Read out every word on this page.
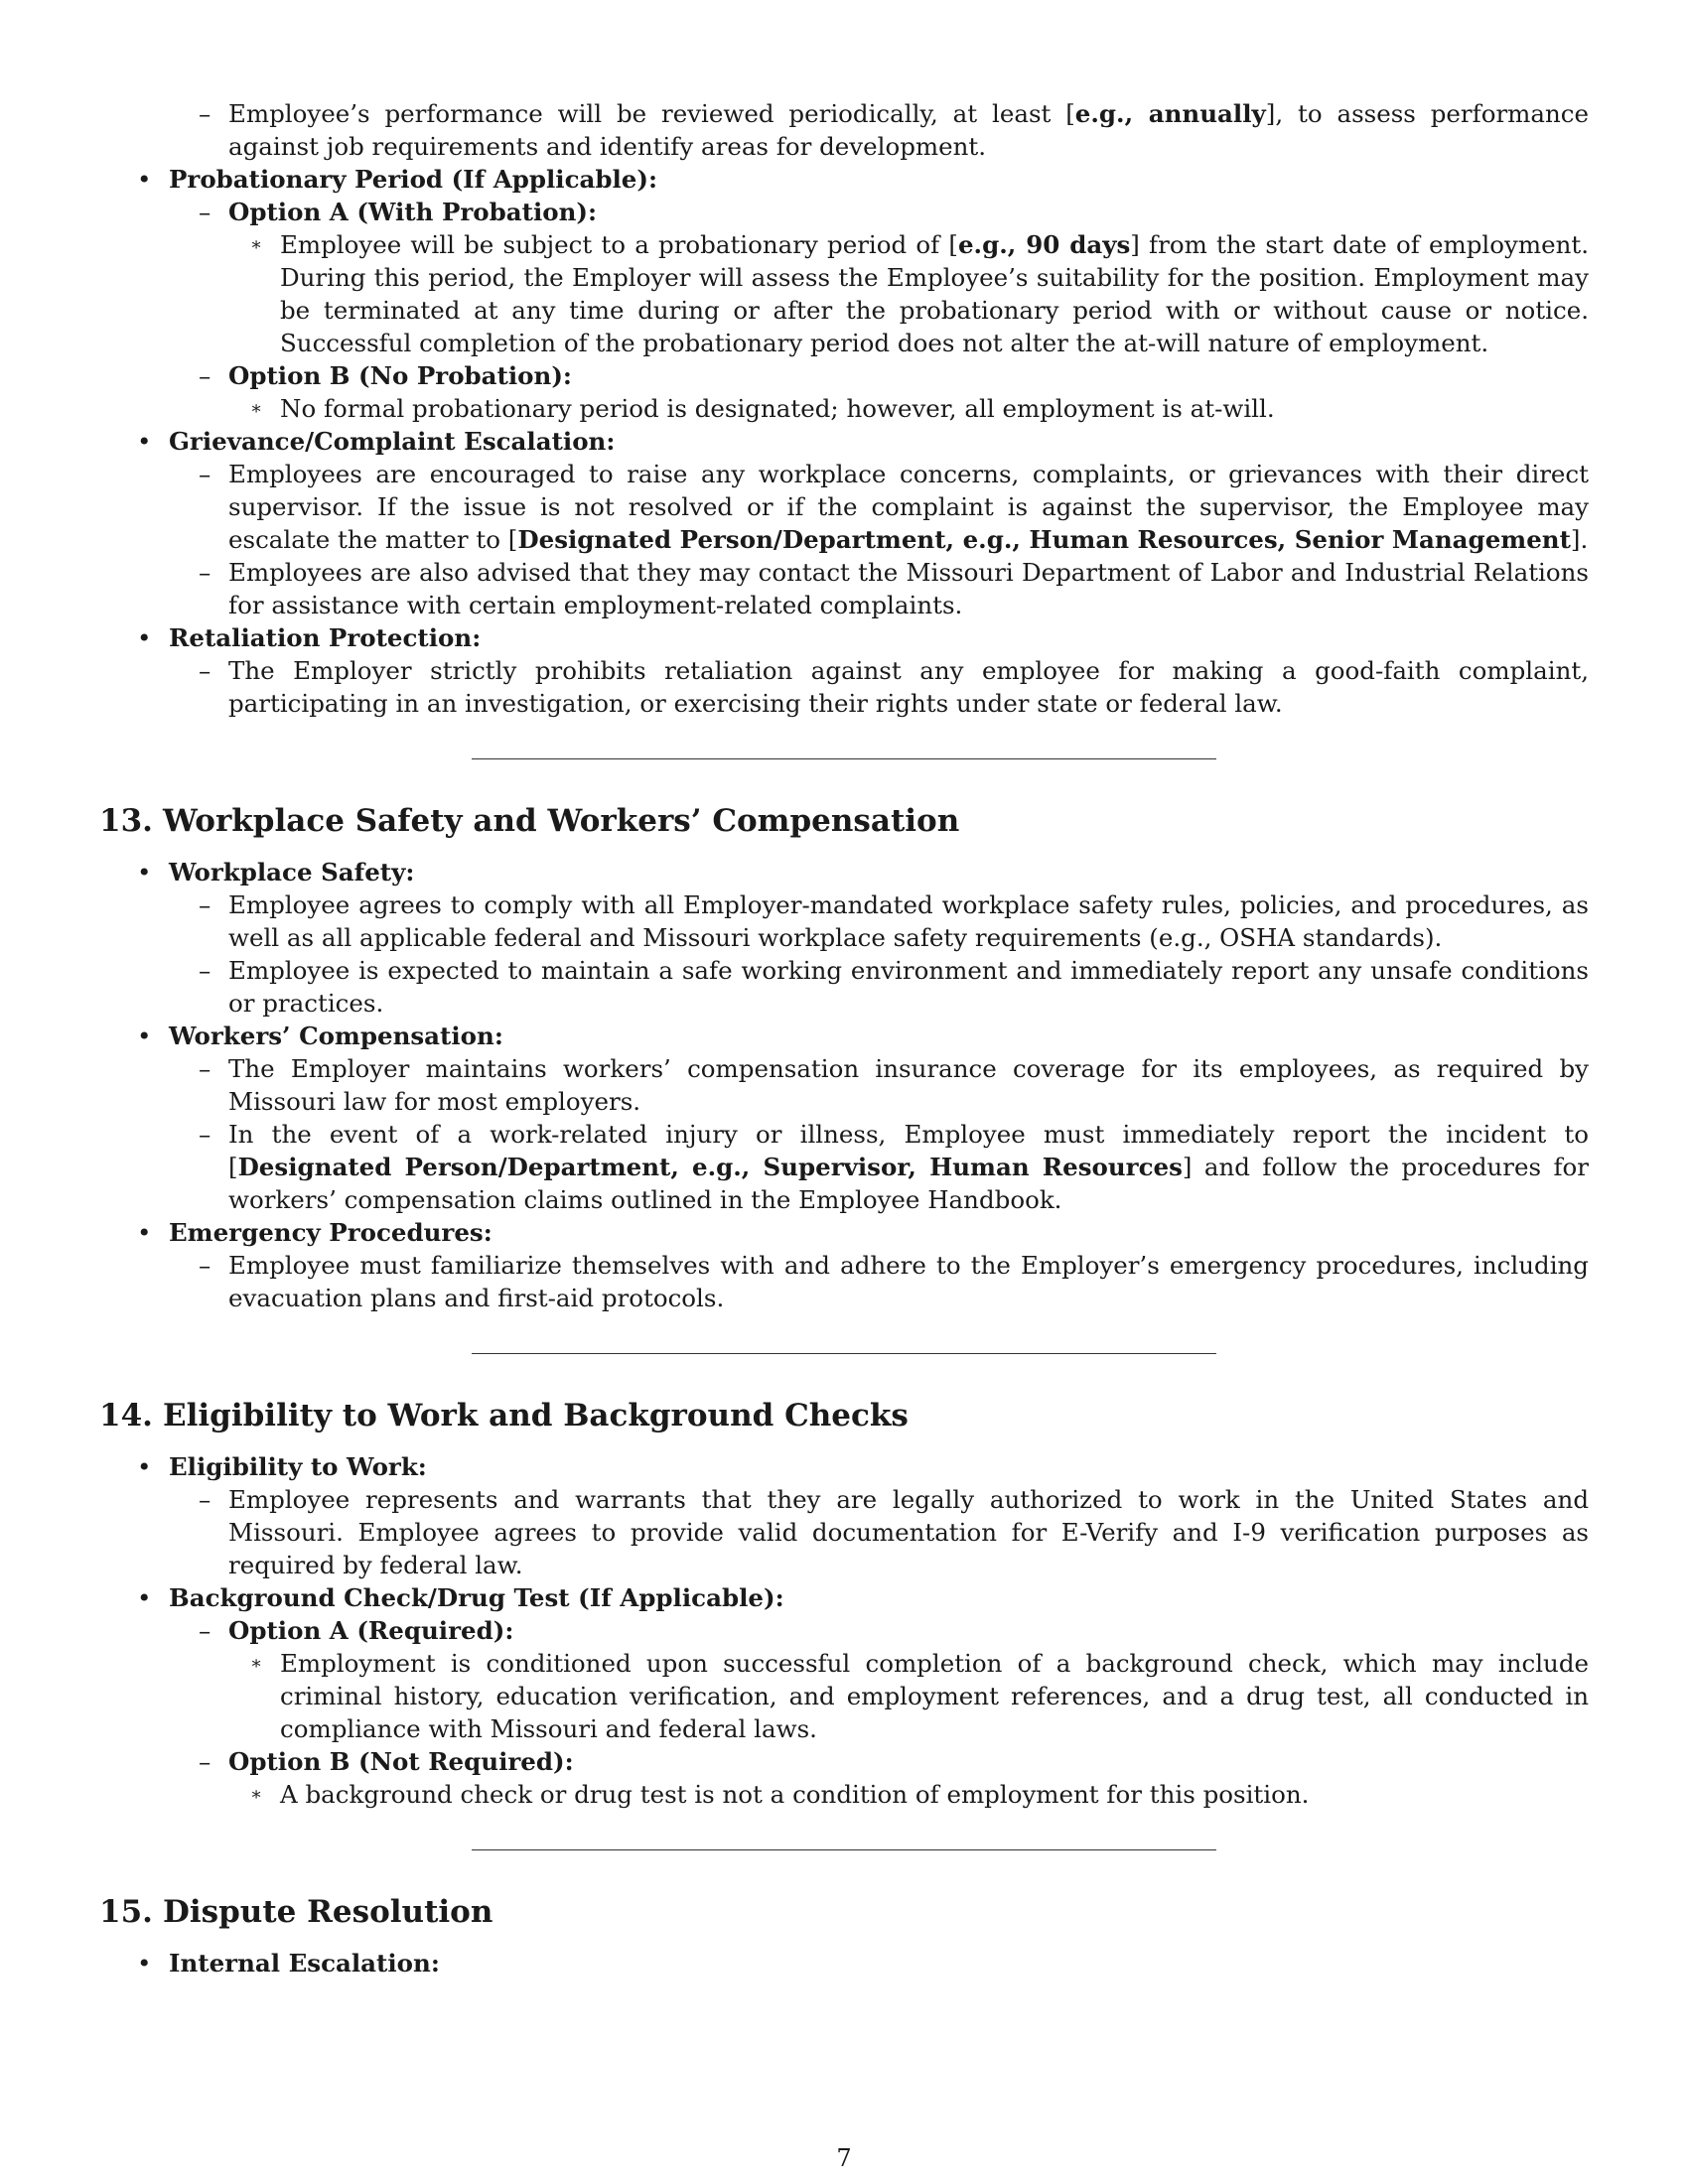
– Employee’s performance will be reviewed periodically, at least [e.g., annually], to assess performance against job requirements and identify areas for development.
• Probationary Period (If Applicable):
– Option A (With Probation):
∗ Employee will be subject to a probationary period of [e.g., 90 days] from the start date of employment. During this period, the Employer will assess the Employee’s suitability for the position. Employment may be terminated at any time during or after the probationary period with or without cause or notice. Successful completion of the probationary period does not alter the at-will nature of employment.
– Option B (No Probation):
∗ No formal probationary period is designated; however, all employment is at-will.
• Grievance/Complaint Escalation:
– Employees are encouraged to raise any workplace concerns, complaints, or grievances with their direct supervisor. If the issue is not resolved or if the complaint is against the supervisor, the Employee may escalate the matter to [Designated Person/Department, e.g., Human Resources, Senior Management].
– Employees are also advised that they may contact the Missouri Department of Labor and Industrial Relations for assistance with certain employment-related complaints.
• Retaliation Protection:
– The Employer strictly prohibits retaliation against any employee for making a good-faith complaint, participating in an investigation, or exercising their rights under state or federal law.
13. Workplace Safety and Workers’ Compensation
• Workplace Safety:
– Employee agrees to comply with all Employer-mandated workplace safety rules, policies, and procedures, as well as all applicable federal and Missouri workplace safety requirements (e.g., OSHA standards).
– Employee is expected to maintain a safe working environment and immediately report any unsafe conditions or practices.
• Workers’ Compensation:
– The Employer maintains workers’ compensation insurance coverage for its employees, as required by Missouri law for most employers.
– In the event of a work-related injury or illness, Employee must immediately report the incident to [Designated Person/Department, e.g., Supervisor, Human Resources] and follow the procedures for workers’ compensation claims outlined in the Employee Handbook.
• Emergency Procedures:
– Employee must familiarize themselves with and adhere to the Employer’s emergency procedures, including evacuation plans and first-aid protocols.
14. Eligibility to Work and Background Checks
• Eligibility to Work:
– Employee represents and warrants that they are legally authorized to work in the United States and Missouri. Employee agrees to provide valid documentation for E-Verify and I-9 verification purposes as required by federal law.
• Background Check/Drug Test (If Applicable):
– Option A (Required):
∗ Employment is conditioned upon successful completion of a background check, which may include criminal history, education verification, and employment references, and a drug test, all conducted in compliance with Missouri and federal laws.
– Option B (Not Required):
∗ A background check or drug test is not a condition of employment for this position.
15. Dispute Resolution
• Internal Escalation:
7
